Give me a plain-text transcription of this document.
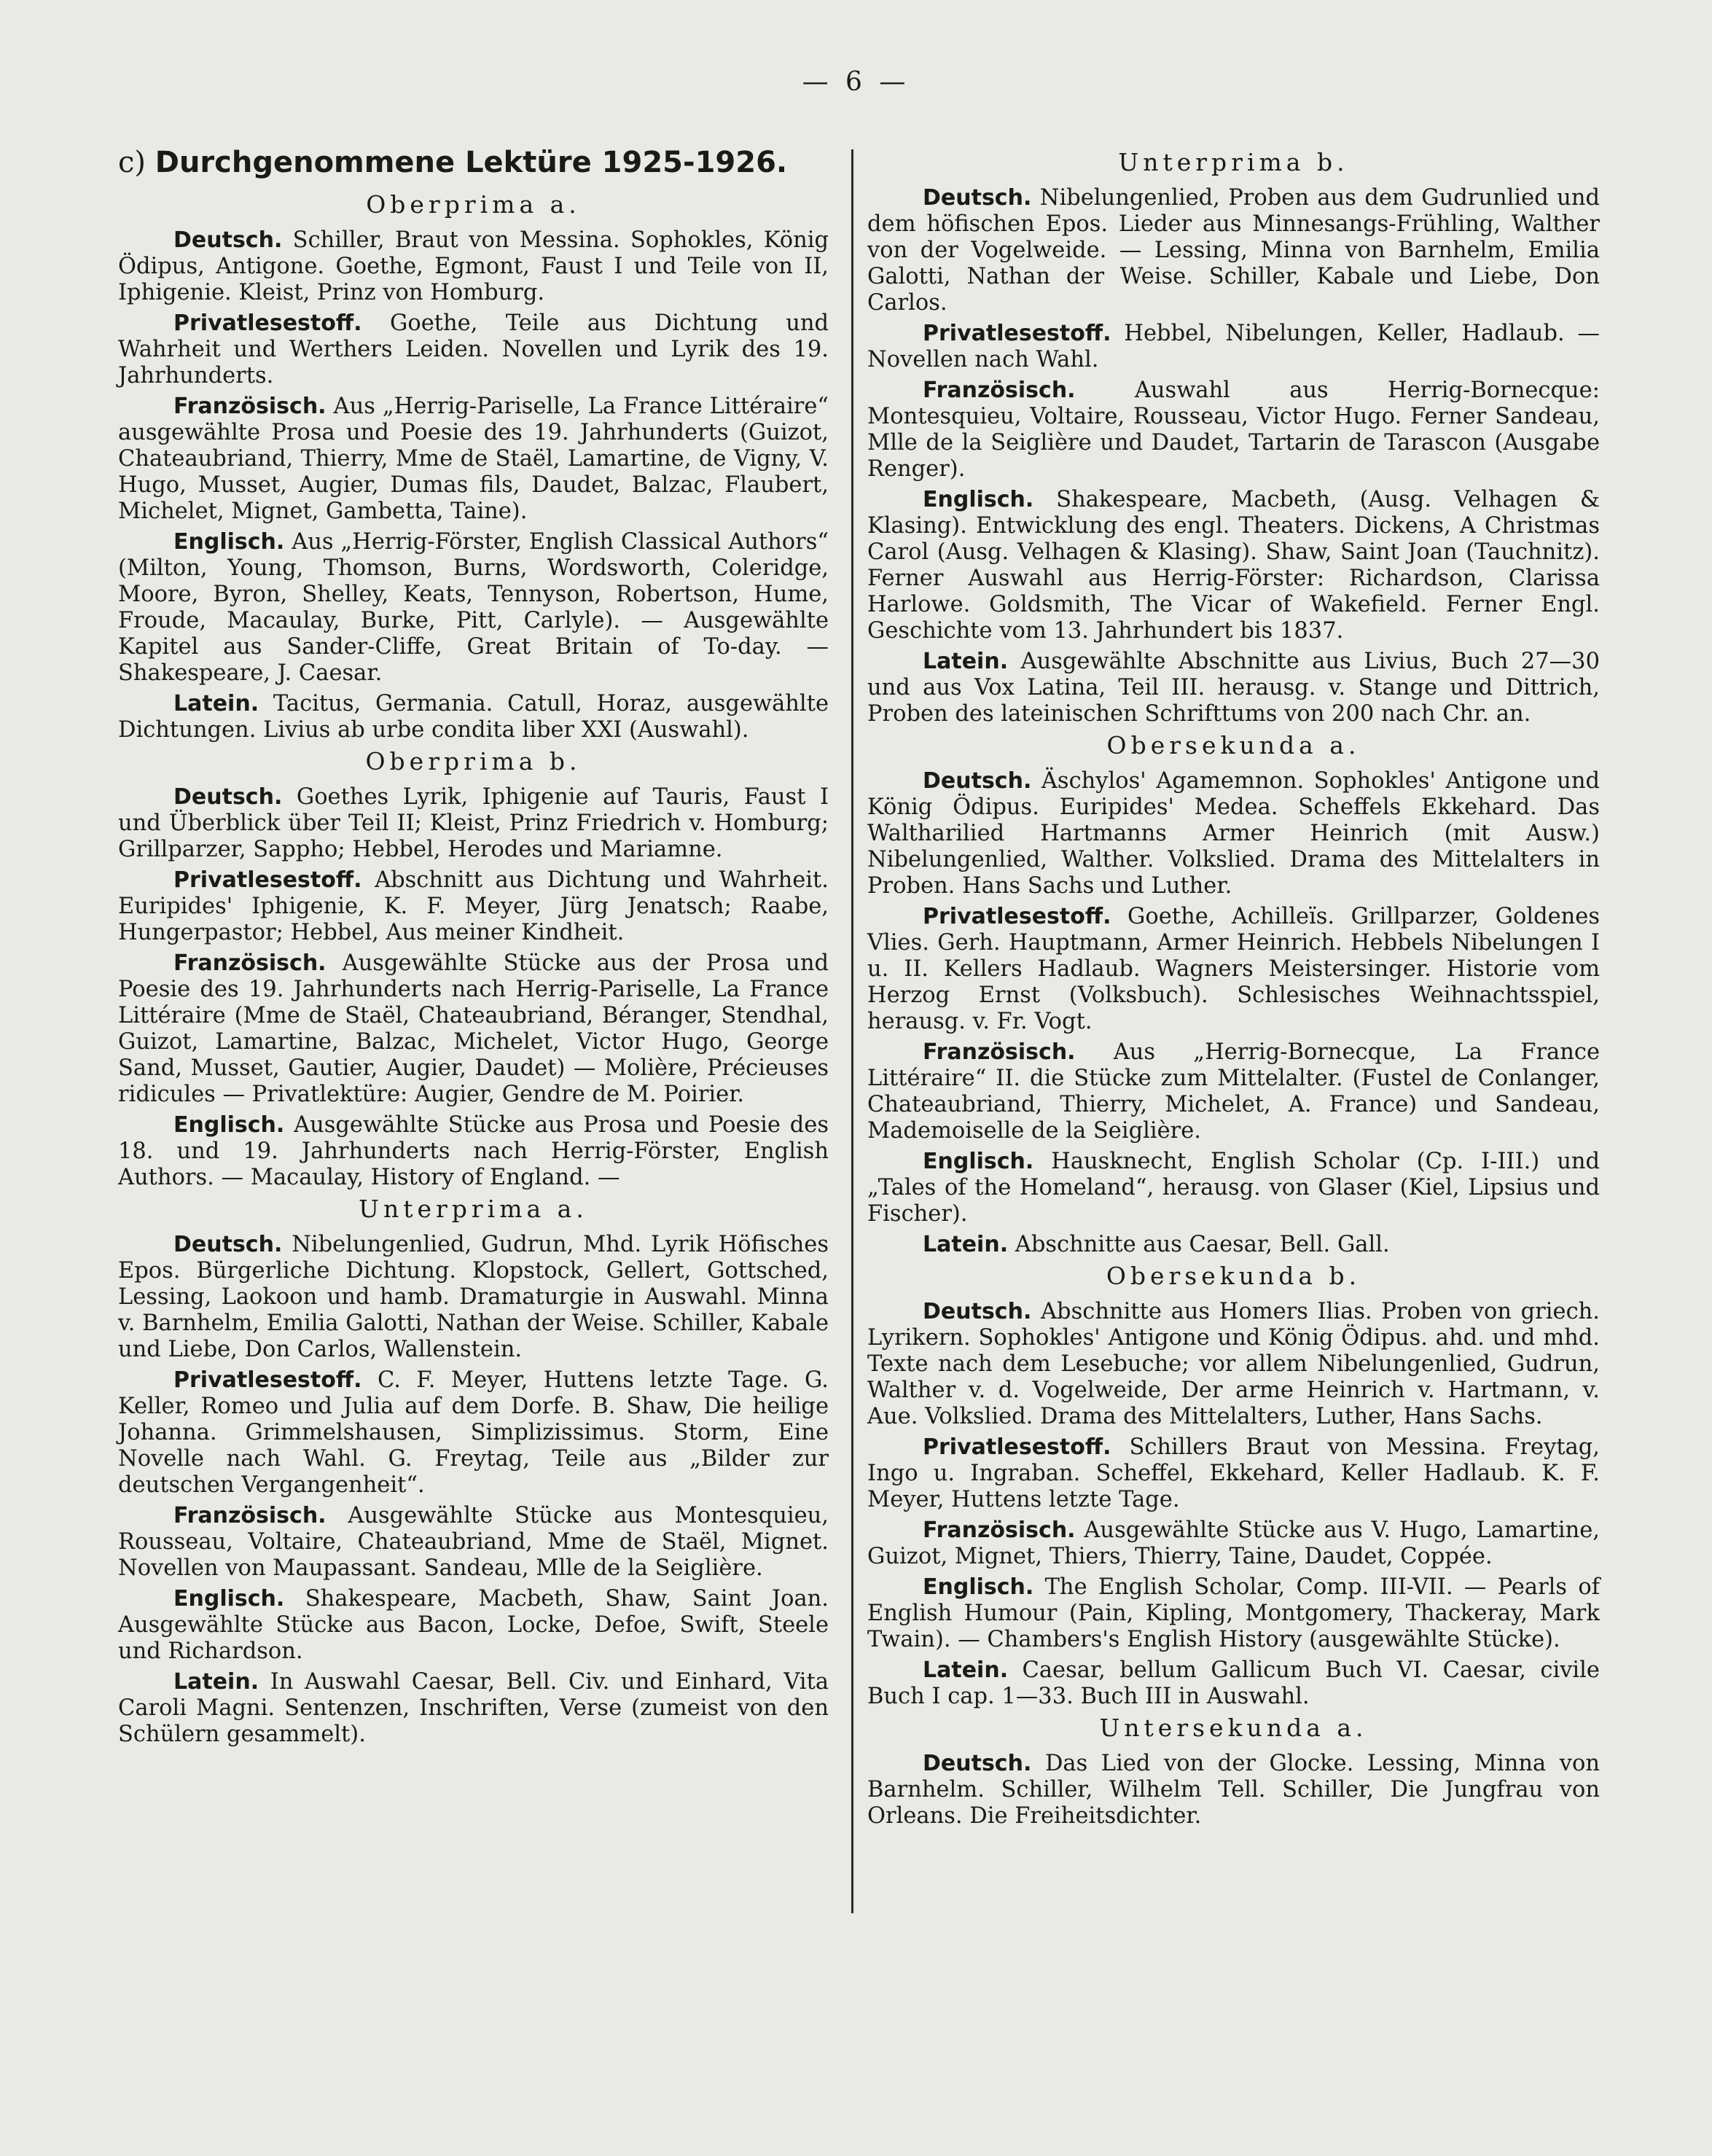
— 6 —
c) Durchgenommene Lektüre 1925-1926.
Oberprima a.

Deutsch. Schiller, Braut von Messina. Sophokles, König Ödipus, Antigone. Goethe, Egmont, Faust I und Teile von II, Iphigenie. Kleist, Prinz von Homburg.

Privatlesestoff. Goethe, Teile aus Dichtung und Wahrheit und Werthers Leiden. Novellen und Lyrik des 19. Jahrhunderts.

Französisch. Aus „Herrig-Pariselle, La France Littéraire“ ausgewählte Prosa und Poesie des 19. Jahrhunderts (Guizot, Chateaubriand, Thierry, Mme de Staël, Lamartine, de Vigny, V. Hugo, Musset, Augier, Dumas fils, Daudet, Balzac, Flaubert, Michelet, Mignet, Gambetta, Taine).

Englisch. Aus „Herrig-Förster, English Classical Authors“ (Milton, Young, Thomson, Burns, Wordsworth, Coleridge, Moore, Byron, Shelley, Keats, Tennyson, Robertson, Hume, Froude, Macaulay, Burke, Pitt, Carlyle). — Ausgewählte Kapitel aus Sander-Cliffe, Great Britain of To-day. — Shakespeare, J. Caesar.

Latein. Tacitus, Germania. Catull, Horaz, ausgewählte Dichtungen. Livius ab urbe condita liber XXI (Auswahl).

Oberprima b.

Deutsch. Goethes Lyrik, Iphigenie auf Tauris, Faust I und Überblick über Teil II; Kleist, Prinz Friedrich v. Homburg; Grillparzer, Sappho; Hebbel, Herodes und Mariamne.

Privatlesestoff. Abschnitt aus Dichtung und Wahrheit. Euripides' Iphigenie, K. F. Meyer, Jürg Jenatsch; Raabe, Hungerpastor; Hebbel, Aus meiner Kindheit.

Französisch. Ausgewählte Stücke aus der Prosa und Poesie des 19. Jahrhunderts nach Herrig-Pariselle, La France Littéraire (Mme de Staël, Chateaubriand, Béranger, Stendhal, Guizot, Lamartine, Balzac, Michelet, Victor Hugo, George Sand, Musset, Gautier, Augier, Daudet) — Molière, Précieuses ridicules — Privatlektüre: Augier, Gendre de M. Poirier.

Englisch. Ausgewählte Stücke aus Prosa und Poesie des 18. und 19. Jahrhunderts nach Herrig-Förster, English Authors. — Macaulay, History of England. —

Unterprima a.

Deutsch. Nibelungenlied, Gudrun, Mhd. Lyrik Höfisches Epos. Bürgerliche Dichtung. Klopstock, Gellert, Gottsched, Lessing, Laokoon und hamb. Dramaturgie in Auswahl. Minna v. Barnhelm, Emilia Galotti, Nathan der Weise. Schiller, Kabale und Liebe, Don Carlos, Wallenstein.

Privatlesestoff. C. F. Meyer, Huttens letzte Tage. G. Keller, Romeo und Julia auf dem Dorfe. B. Shaw, Die heilige Johanna. Grimmelshausen, Simplizissimus. Storm, Eine Novelle nach Wahl. G. Freytag, Teile aus „Bilder zur deutschen Vergangenheit“.

Französisch. Ausgewählte Stücke aus Montesquieu, Rousseau, Voltaire, Chateaubriand, Mme de Staël, Mignet. Novellen von Maupassant. Sandeau, Mlle de la Seiglière.

Englisch. Shakespeare, Macbeth, Shaw, Saint Joan. Ausgewählte Stücke aus Bacon, Locke, Defoe, Swift, Steele und Richardson.

Latein. In Auswahl Caesar, Bell. Civ. und Einhard, Vita Caroli Magni. Sentenzen, Inschriften, Verse (zumeist von den Schülern gesammelt).

Unterprima b.

Deutsch. Nibelungenlied, Proben aus dem Gudrunlied und dem höfischen Epos. Lieder aus Minnesangs-Frühling, Walther von der Vogelweide. — Lessing, Minna von Barnhelm, Emilia Galotti, Nathan der Weise. Schiller, Kabale und Liebe, Don Carlos.

Privatlesestoff. Hebbel, Nibelungen, Keller, Hadlaub. — Novellen nach Wahl.

Französisch.	Auswahl aus Herrig-Bornecque: Montesquieu, Voltaire, Rousseau, Victor Hugo. Ferner Sandeau, Mlle de la Seiglière und Daudet, Tartarin de Tarascon (Ausgabe Renger).

Englisch. Shakespeare, Macbeth, (Ausg. Velhagen & Klasing). Entwicklung des engl. Theaters. Dickens, A Christmas Carol (Ausg. Velhagen & Klasing). Shaw, Saint Joan (Tauchnitz). Ferner Auswahl aus Herrig-Förster: Richardson, Clarissa Harlowe. Goldsmith, The Vicar of Wakefield. Ferner Engl. Geschichte vom 13. Jahrhundert bis 1837.

Latein. Ausgewählte Abschnitte aus Livius, Buch 27—30 und aus Vox Latina, Teil III. herausg. v. Stange und Dittrich, Proben des lateinischen Schrifttums von 200 nach Chr. an.

Obersekunda a.

Deutsch. Äschylos' Agamemnon. Sophokles' Antigone und König Ödipus. Euripides' Medea. Scheffels Ekkehard. Das Waltharilied Hartmanns Armer Heinrich (mit Ausw.) Nibelungenlied, Walther. Volkslied. Drama des Mittelalters in Proben. Hans Sachs und Luther.

Privatlesestoff. Goethe, Achilleïs. Grillparzer, Goldenes Vlies. Gerh. Hauptmann, Armer Heinrich. Hebbels Nibelungen I u. II. Kellers Hadlaub. Wagners Meistersinger. Historie vom Herzog Ernst (Volksbuch). Schlesisches Weihnachtsspiel, herausg. v. Fr. Vogt.

Französisch. Aus „Herrig-Bornecque, La France Littéraire“ II. die Stücke zum Mittelalter. (Fustel de Conlanger, Chateaubriand, Thierry, Michelet, A. France) und Sandeau, Mademoiselle de la Seiglière.

Englisch. Hausknecht, English Scholar (Cp. I-III.) und „Tales of the Homeland“, herausg. von Glaser (Kiel, Lipsius und Fischer).

Latein. Abschnitte aus Caesar, Bell. Gall.

Obersekunda b.

Deutsch. Abschnitte aus Homers Ilias. Proben von griech. Lyrikern. Sophokles' Antigone und König Ödipus. ahd. und mhd. Texte nach dem Lesebuche; vor allem Nibelungenlied, Gudrun, Walther v. d. Vogelweide, Der arme Heinrich v. Hartmann, v. Aue. Volkslied. Drama des Mittelalters, Luther, Hans Sachs.

Privatlesestoff. Schillers Braut von Messina. Freytag, Ingo u. Ingraban. Scheffel, Ekkehard, Keller Hadlaub. K. F. Meyer, Huttens letzte Tage.

Französisch. Ausgewählte Stücke aus V. Hugo, Lamartine, Guizot, Mignet, Thiers, Thierry, Taine, Daudet, Coppée.

Englisch. The English Scholar, Comp. III-VII. — Pearls of English Humour (Pain, Kipling, Montgomery, Thackeray, Mark Twain). — Chambers's English History (ausgewählte Stücke).

Latein. Caesar, bellum Gallicum Buch VI. Caesar, civile Buch I cap. 1—33. Buch III in Auswahl.

Untersekunda a.

Deutsch. Das Lied von der Glocke. Lessing, Minna von Barnhelm. Schiller, Wilhelm Tell. Schiller, Die Jungfrau von Orleans. Die Freiheitsdichter.
